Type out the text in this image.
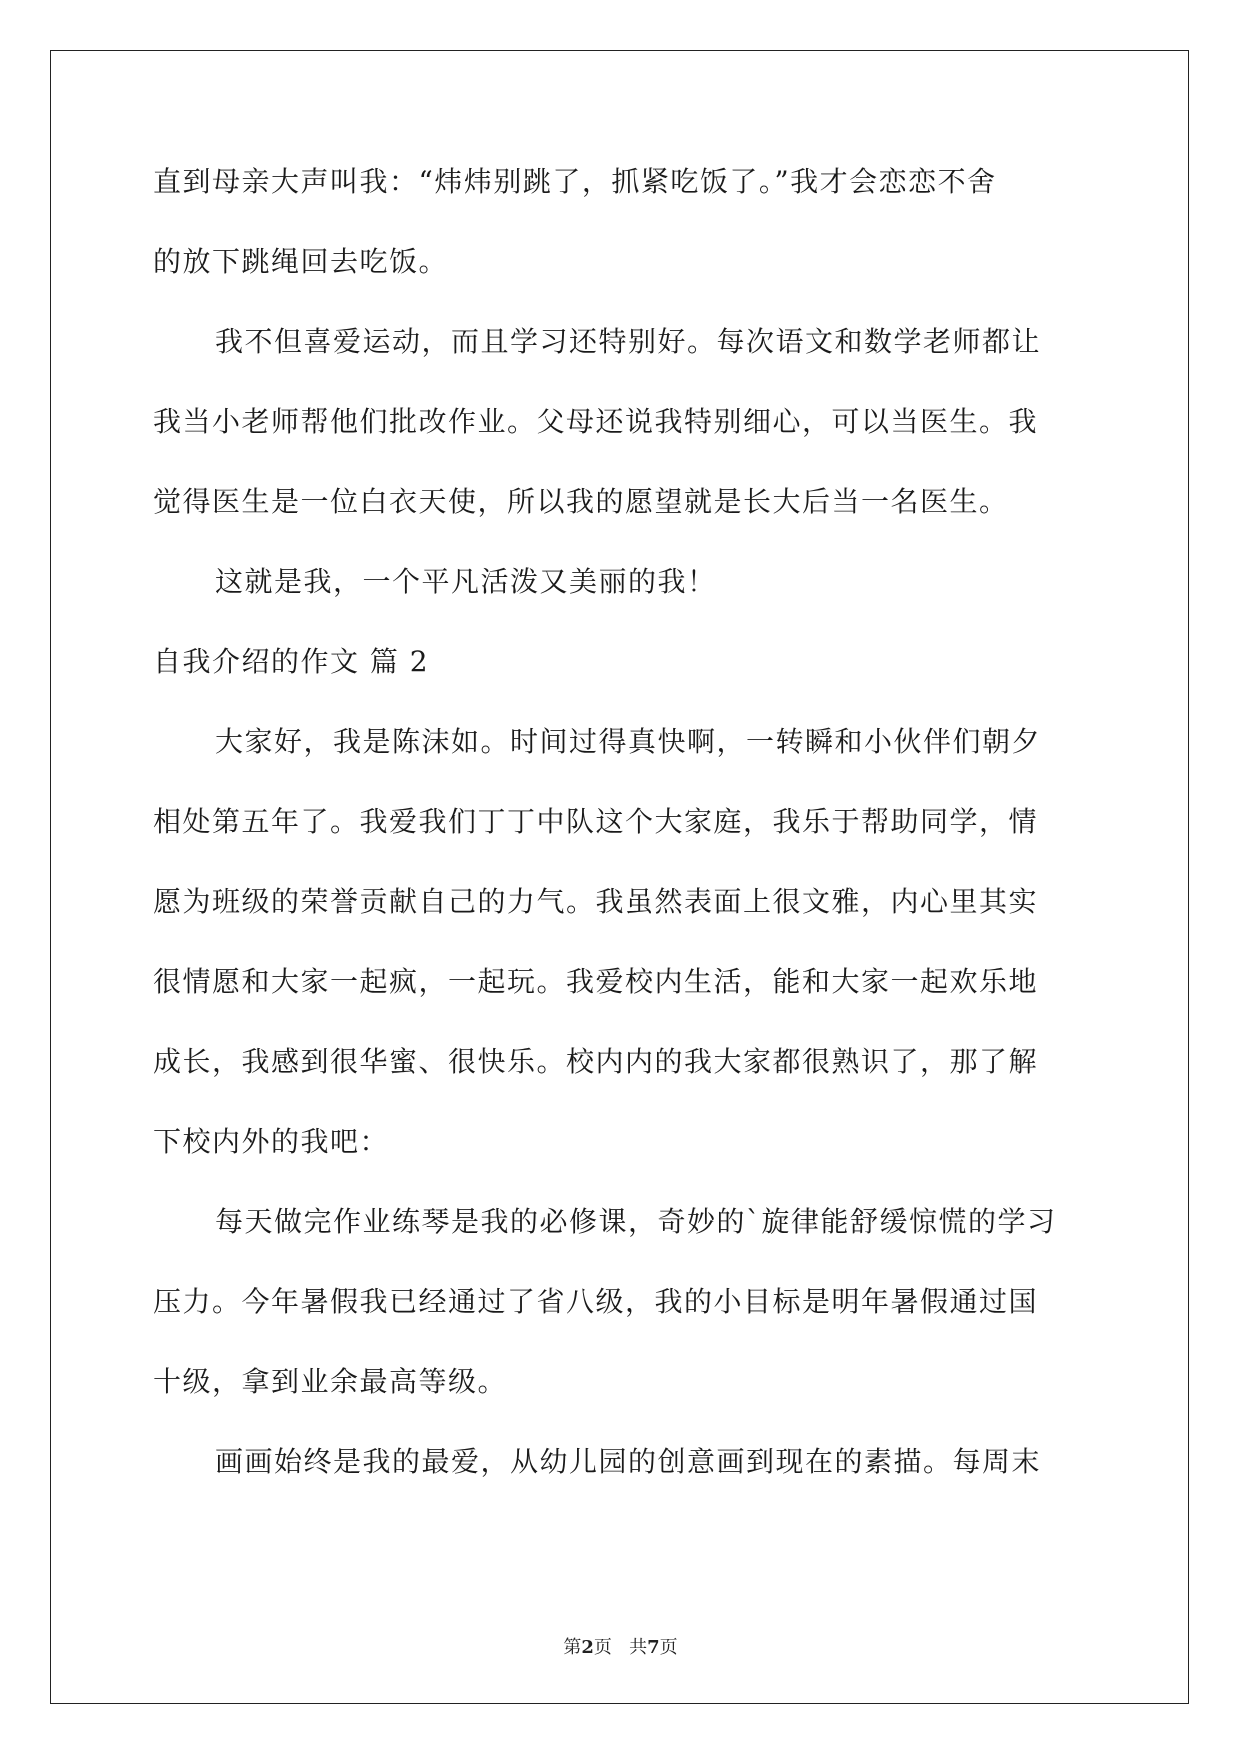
直到母亲大声叫我：“炜炜别跳了，抓紧吃饭了。”我才会恋恋不舍
的放下跳绳回去吃饭。
我不但喜爱运动，而且学习还特别好。每次语文和数学老师都让
我当小老师帮他们批改作业。父母还说我特别细心，可以当医生。我
觉得医生是一位白衣天使，所以我的愿望就是长大后当一名医生。
这就是我，一个平凡活泼又美丽的我！
自我介绍的作文 篇 2
大家好，我是陈沫如。时间过得真快啊，一转瞬和小伙伴们朝夕
相处第五年了。我爱我们丁丁中队这个大家庭，我乐于帮助同学，情
愿为班级的荣誉贡献自己的力气。我虽然表面上很文雅，内心里其实
很情愿和大家一起疯，一起玩。我爱校内生活，能和大家一起欢乐地
成长，我感到很华蜜、很快乐。校内内的我大家都很熟识了，那了解
下校内外的我吧：
每天做完作业练琴是我的必修课，奇妙的`旋律能舒缓惊慌的学习
压力。今年暑假我已经通过了省八级，我的小目标是明年暑假通过国
十级，拿到业余最高等级。
画画始终是我的最爱，从幼儿园的创意画到现在的素描。每周末
第2页 共7页
